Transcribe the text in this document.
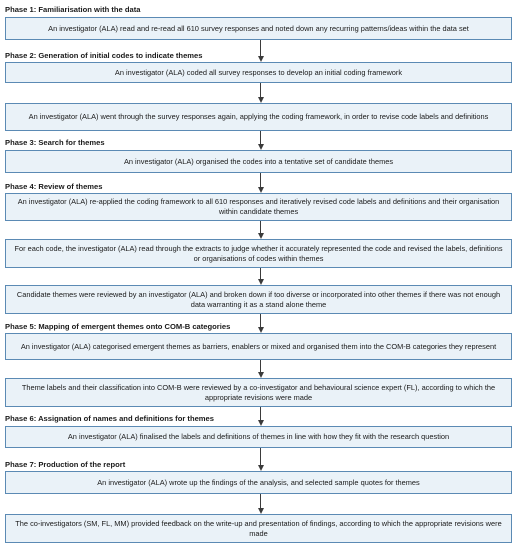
Phase 1: Familiarisation with the data
Phase 2: Generation of initial codes to indicate themes
Phase 3: Search for themes
Phase 4: Review of themes
Phase 5: Mapping of emergent themes onto COM-B categories
Phase 6: Assignation of names and definitions for themes
Phase 7: Production of the report
An investigator (ALA) read and re-read all 610 survey responses and noted down any recurring patterns/ideas within the data set
An investigator (ALA) coded all survey responses to develop an initial coding framework
An investigator (ALA) went through the survey responses again, applying the coding framework, in order to revise code labels and definitions
An investigator (ALA) organised the codes into a tentative set of candidate themes
An investigator (ALA) re-applied the coding framework to all 610 responses and iteratively revised code labels and definitions and their organisation within candidate themes
For each code, the investigator (ALA) read through the extracts to judge whether it accurately represented the code and revised the labels, definitions or organisations of codes within themes
Candidate themes were reviewed by an investigator (ALA) and broken down if too diverse or incorporated into other themes if there was not enough data warranting it as a stand alone theme
An investigator (ALA) categorised emergent themes as barriers, enablers or mixed and organised them into the COM-B categories they represent
Theme labels and their classification into COM-B were reviewed by a co-investigator and behavioural science expert (FL), according to which the appropriate revisions were made
An investigator (ALA) finalised the labels and definitions of themes in line with how they fit with the research question
An investigator (ALA) wrote up the findings of the analysis, and selected sample quotes for themes
The co-investigators (SM, FL, MM) provided feedback on the write-up and presentation of findings, according to which the appropriate revisions were made
